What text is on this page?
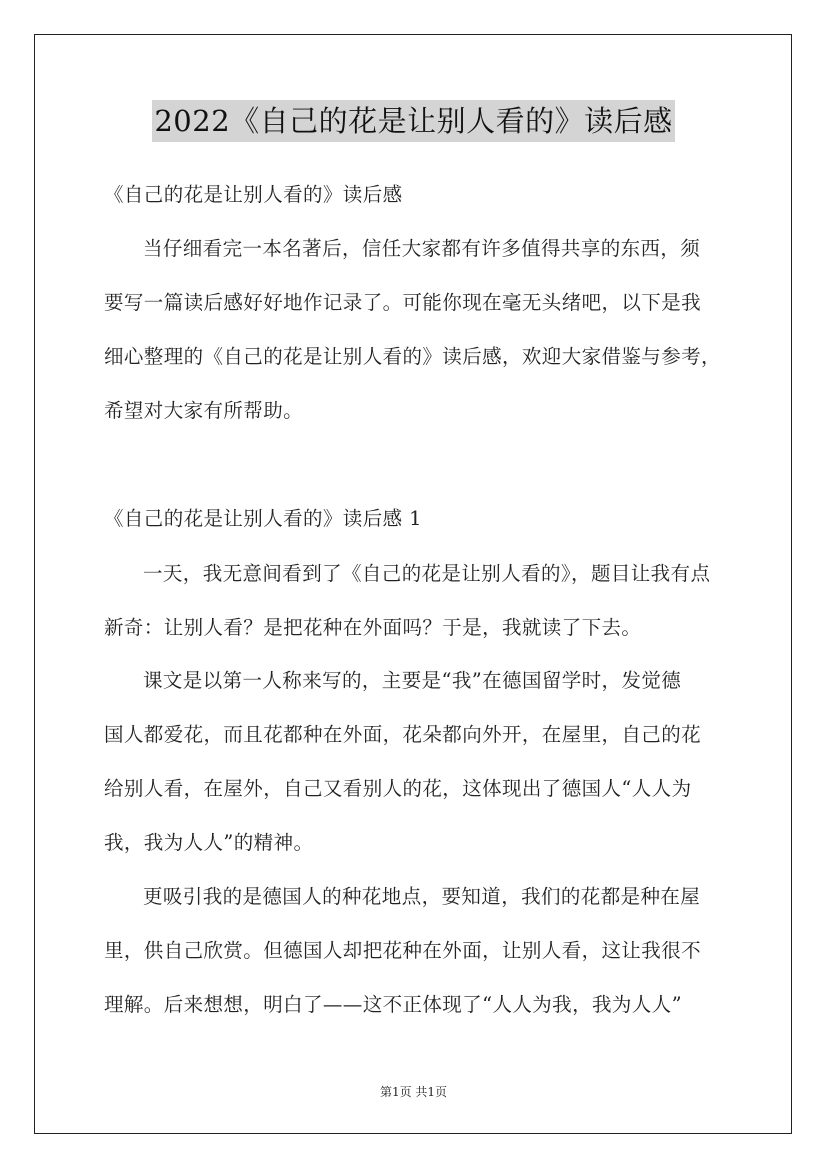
2022《自己的花是让别人看的》读后感
《自己的花是让别人看的》读后感
当仔细看完一本名著后，信任大家都有许多值得共享的东西，须
要写一篇读后感好好地作记录了。可能你现在毫无头绪吧，以下是我
细心整理的《自己的花是让别人看的》读后感，欢迎大家借鉴与参考，
希望对大家有所帮助。
《自己的花是让别人看的》读后感 1
一天，我无意间看到了《自己的花是让别人看的》，题目让我有点
新奇：让别人看？是把花种在外面吗？于是，我就读了下去。
课文是以第一人称来写的，主要是“我”在德国留学时，发觉德
国人都爱花，而且花都种在外面，花朵都向外开，在屋里，自己的花
给别人看，在屋外，自己又看别人的花，这体现出了德国人“人人为
我，我为人人”的精神。
更吸引我的是德国人的种花地点，要知道，我们的花都是种在屋
里，供自己欣赏。但德国人却把花种在外面，让别人看，这让我很不
理解。后来想想，明白了——这不正体现了“人人为我，我为人人”
第1页 共1页
